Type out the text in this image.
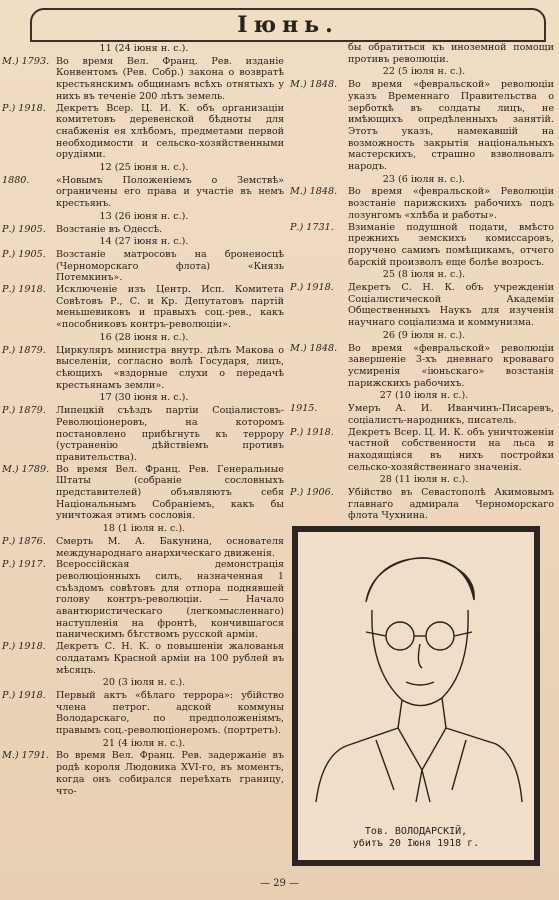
Іюнь.
11 (24 іюня н. с.).
М.) 1793. Во время Вел. Франц. Рев. изданіе Конвентомъ (Рев. Собр.) закона о возвратѣ крестьянскимъ общинамъ всѣхъ отнятыхъ у нихъ въ теченіе 200 лѣтъ земель.
Р.) 1918. Декретъ Всер. Ц. И. К. объ организаціи комитетовъ деревенской бѣдноты для снабженія ея хлѣбомъ, предметами первой необходимости и сельско-хозяйственными орудіями.
12 (25 іюня н. с.).
1880.	«Новымъ Положеніемъ о Земствѣ» ограничены его права и участіе въ немъ крестьянъ.
13 (26 іюня н. с.).
Р.) 1905. Возстаніе въ Одессѣ.
14 (27 іюня н. с.).
Р.) 1905. Возстаніе матросовъ на броненосцѣ (Черноморскаго флота) «Князь Потемкинъ».
Р.) 1918. Исключеніе изъ Центр. Исп. Комитета Совѣтовъ Р., С. и Кр. Депутатовъ партій меньшевиковъ и правыхъ соц.-рев., какъ «пособниковъ контръ-революціи».
16 (28 іюня н. с.).
Р.) 1879. Циркуляръ министра внутр. дѣлъ Макова о выселеніи, согласно волѣ Государя, лицъ, сѣющихъ «вздорные слухи о передачѣ крестьянамъ земли».
17 (30 іюня н. с.).
Р.) 1879. Липецкій съѣздъ партіи Соціалистовъ-Революціонеровъ, на которомъ постановлено прибѣгнуть къ террору (устраненію дѣйствіемъ противъ правительства).
М.) 1789. Во время Вел. Франц. Рев. Генеральные Штаты (собраніе сословныхъ представителей) объявляютъ себя Національнымъ Собраніемъ, какъ бы уничтожая этимъ сословія.
18 (1 іюля н. с.).
Р.) 1876. Смерть М. А. Бакунина, основателя международнаго анархическаго движенія.
Р.) 1917. Всероссійская демонстрація революціонныхъ силъ, назначенная 1 съѣздомъ совѣтовъ для отпора поднявшей голову контръ-революціи. — Начало авантюристическаго (легкомысленнаго) наступленія на фронтѣ, кончившагося паническимъ бѣгствомъ русской арміи.
Р.) 1918. Декретъ С. Н. К. о повышеніи жалованья солдатамъ Красной арміи на 100 рублей въ мѣсяцъ.
20 (3 іюля н. с.).
Р.) 1918. Первый актъ «бѣлаго террора»: убійство члена петрог. адской коммуны Володарскаго, по предположеніямъ, правымъ соц.-революціонеромъ. (портретъ).
21 (4 іюля н. с.).
М.) 1791. Во время Вел. Франц. Рев. задержаніе въ родѣ короля Людовика XVI-го, въ моментъ, когда онъ собирался переѣхать границу, что-
бы обратиться къ иноземной помощи противъ революціи.
22 (5 іюля н. с.).
М.) 1848. Во время «февральской» революціи указъ Временнаго Правительства о зерботкѣ въ солдаты лицъ, не имѣющихъ опредѣленныхъ занятій. Этотъ указъ, намекавшій на возможность закрытія національныхъ мастерскихъ, страшно взволновалъ народъ.
23 (6 іюля н. с.).
М.) 1848. Во время «февральской» Революціи возстаніе парижскихъ рабочихъ подъ лозунгомъ «хлѣба и работы».
Р.) 1731. Взиманіе подушной подати, вмѣсто прежнихъ земскихъ комиссаровъ, поручено самимъ помѣщикамъ, отчего барскій произволъ еще болѣе возросъ.
25 (8 іюля н. с.).
Р.) 1918. Декретъ С. Н. К. объ учрежденіи Соціалистической Академіи Общественныхъ Наукъ для изученія научнаго соціализма и коммунизма.
26 (9 іюля н. с.).
М.) 1848. Во время «февральской» революціи завершеніе 3-хъ дневнаго кроваваго усмиренія «іюньскаго» возстанія парижскихъ рабочихъ.
27 (10 іюля н. с.).
1915.	Умеръ А. И. Иванчинъ-Писаревъ, соціалистъ-народникъ, писатель.
Р.) 1918. Декретъ Всер. Ц. И. К. объ уничтоженіи частной собственности на льса и находящіяся въ нихъ постройки сельско-хозяйственнаго значенія.
28 (11 іюля н. с.).
Р.) 1906. Убійство въ Севастополѣ Акимовымъ главнаго адмирала Черноморскаго флота Чухнина.
Тов. ВОЛОДАРСКІЙ,
убитъ 20 Іюня 1918 г.
— 29 —
